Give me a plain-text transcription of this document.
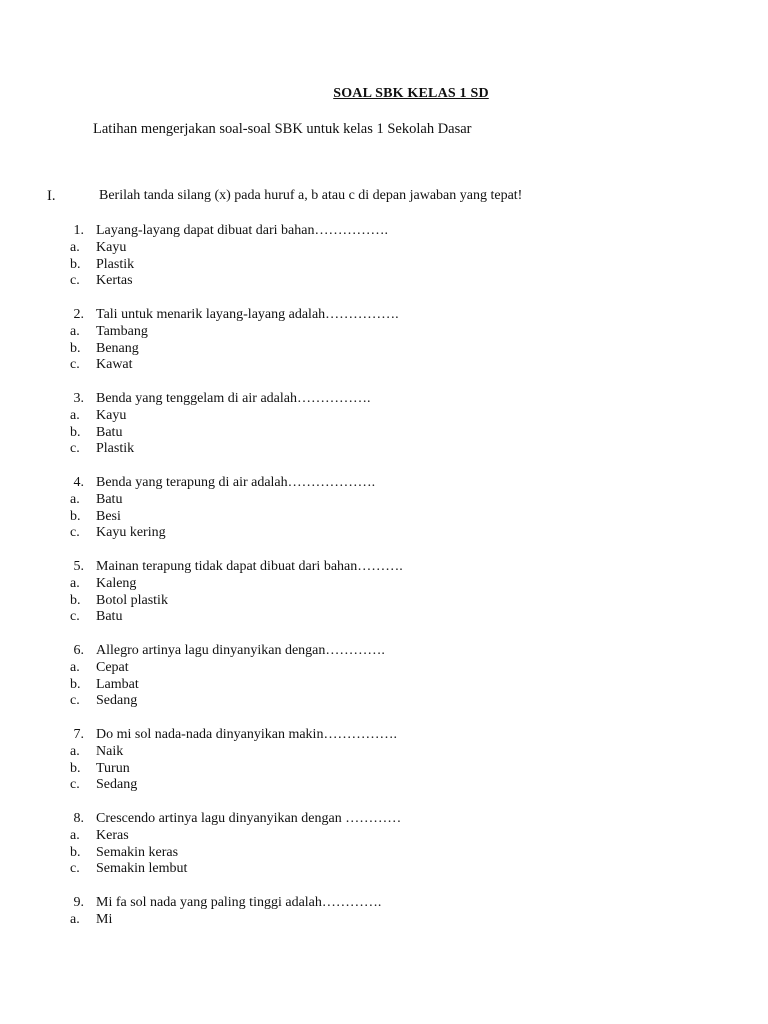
SOAL SBK KELAS 1 SD
Latihan mengerjakan soal-soal SBK untuk kelas 1 Sekolah Dasar
I.	Berilah tanda silang (x) pada huruf a, b atau c di depan jawaban yang tepat!
1. Layang-layang dapat dibuat dari bahan…………….
a.	Kayu
b. Plastik
c.	Kertas
2. Tali untuk menarik layang-layang adalah…………….
a.	Tambang
b. Benang
c.	Kawat
3. Benda yang tenggelam di air adalah…………….
a.	Kayu
b. Batu
c.	Plastik
4. Benda yang terapung di air adalah……………….
a.	Batu
b. Besi
c.	Kayu kering
5. Mainan terapung tidak dapat dibuat dari bahan……….
a.	Kaleng
b. Botol plastik
c.	Batu
6. Allegro artinya lagu dinyanyikan dengan………….
a.	Cepat
b. Lambat
c.	Sedang
7. Do mi sol nada-nada dinyanyikan makin…………….
a.	Naik
b. Turun
c.	Sedang
8. Crescendo artinya lagu dinyanyikan dengan …………
a.	Keras
b. Semakin keras
c.	Semakin lembut
9. Mi fa sol nada yang paling tinggi adalah………….
a.	Mi
